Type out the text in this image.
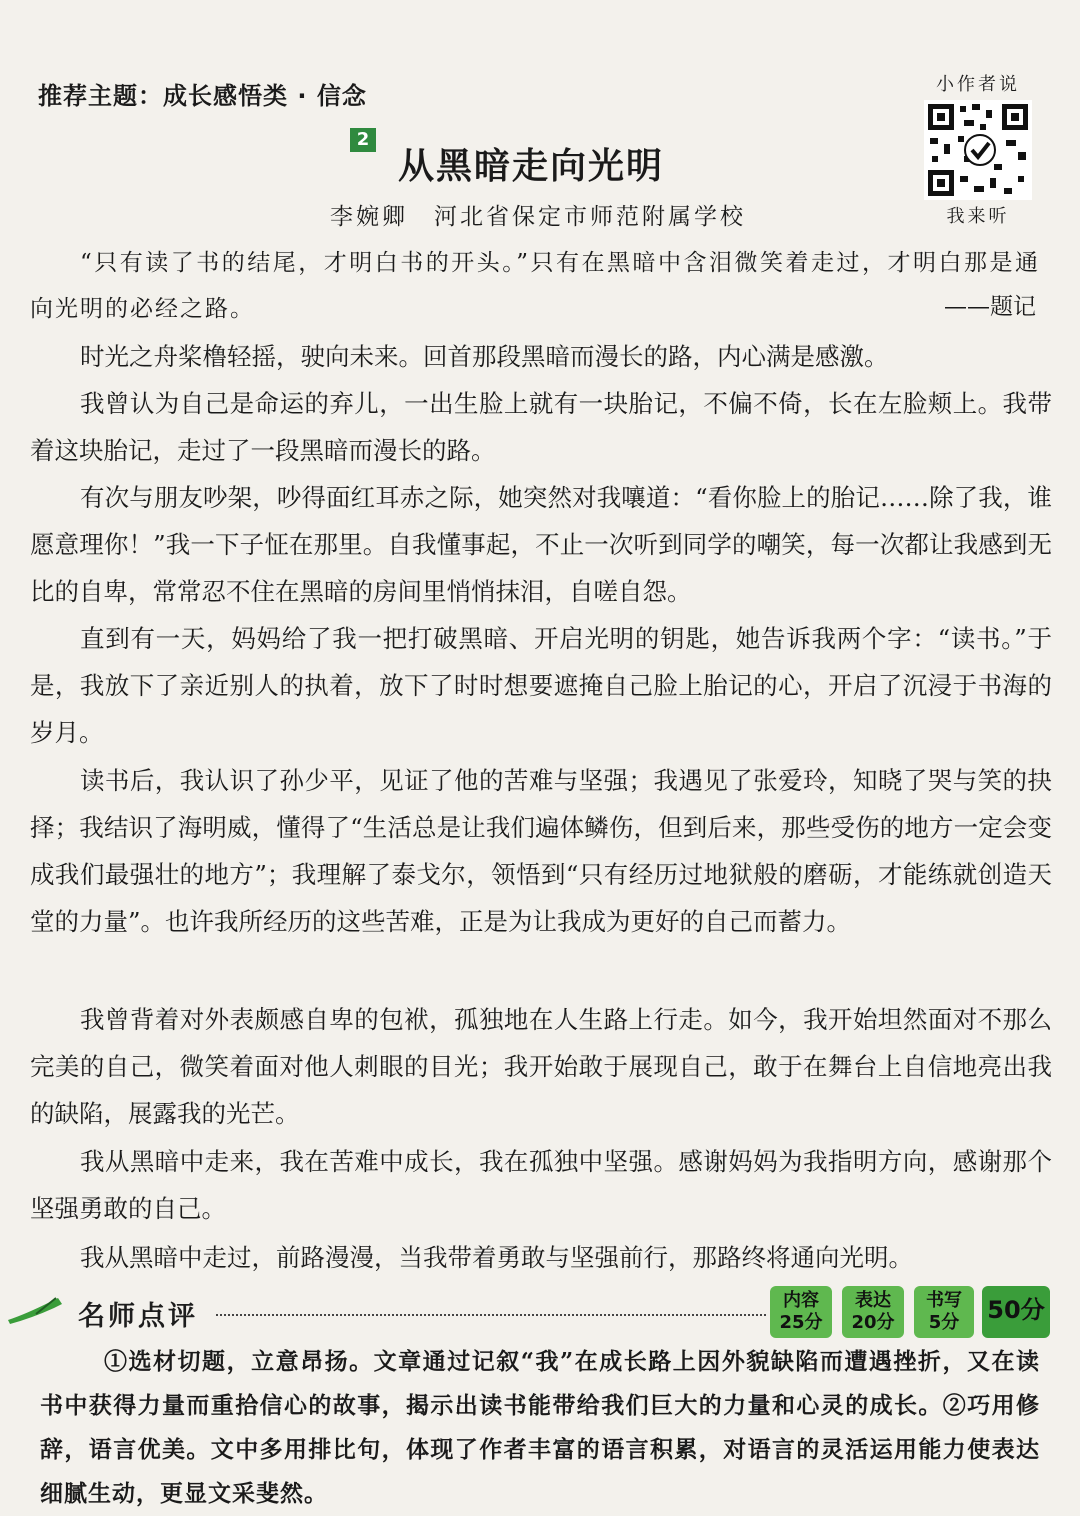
推荐主题：成长感悟类 · 信念	小作者说
我来听
2
从黑暗走向光明
李婉卿　河北省保定市师范附属学校
“只有读了书的结尾，才明白书的开头。”只有在黑暗中含泪微笑着走过，才明白那是通向光明的必经之路。	——题记
时光之舟桨橹轻摇，驶向未来。回首那段黑暗而漫长的路，内心满是感激。
我曾认为自己是命运的弃儿，一出生脸上就有一块胎记，不偏不倚，长在左脸颊上。我带着这块胎记，走过了一段黑暗而漫长的路。
有次与朋友吵架，吵得面红耳赤之际，她突然对我嚷道：“看你脸上的胎记……除了我，谁愿意理你！”我一下子怔在那里。自我懂事起，不止一次听到同学的嘲笑，每一次都让我感到无比的自卑，常常忍不住在黑暗的房间里悄悄抹泪，自嗟自怨。
直到有一天，妈妈给了我一把打破黑暗、开启光明的钥匙，她告诉我两个字：“读书。”于是，我放下了亲近别人的执着，放下了时时想要遮掩自己脸上胎记的心，开启了沉浸于书海的岁月。
读书后，我认识了孙少平，见证了他的苦难与坚强；我遇见了张爱玲，知晓了哭与笑的抉择；我结识了海明威，懂得了“生活总是让我们遍体鳞伤，但到后来，那些受伤的地方一定会变成我们最强壮的地方”；我理解了泰戈尔，领悟到“只有经历过地狱般的磨砺，才能练就创造天堂的力量”。也许我所经历的这些苦难，正是为让我成为更好的自己而蓄力。
我曾背着对外表颇感自卑的包袱，孤独地在人生路上行走。如今，我开始坦然面对不那么完美的自己，微笑着面对他人刺眼的目光；我开始敢于展现自己，敢于在舞台上自信地亮出我的缺陷，展露我的光芒。
我从黑暗中走来，我在苦难中成长，我在孤独中坚强。感谢妈妈为我指明方向，感谢那个坚强勇敢的自己。
我从黑暗中走过，前路漫漫，当我带着勇敢与坚强前行，那路终将通向光明。
名师点评
内容
25分
表达
20分
书写
5分	50分
①选材切题，立意昂扬。文章通过记叙“我”在成长路上因外貌缺陷而遭遇挫折，又在读书中获得力量而重拾信心的故事，揭示出读书能带给我们巨大的力量和心灵的成长。②巧用修辞，语言优美。文中多用排比句，体现了作者丰富的语言积累，对语言的灵活运用能力使表达细腻生动，更显文采斐然。
